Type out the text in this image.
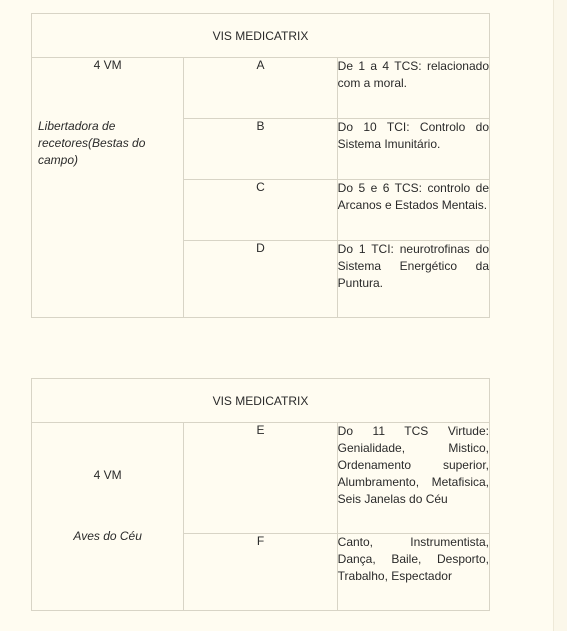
VIS MEDICATRIX		

4 VM
Libertadora de recetores(Bestas do campo)	A	De 1 a 4 TCS: relacionado com a moral.
	B	Do 10 TCI: Controlo do Sistema Imunitário.
	C	Do 5 e 6 TCS: controlo de Arcanos e Estados Mentais.
	D	Do 1 TCI: neurotrofinas do Sistema Energético da Puntura.
VIS MEDICATRIX		

4 VM
Aves do Céu	E	Do 11 TCS Virtude: Genialidade, Mistico, Ordenamento superior, Alumbramento, Metafisica, Seis Janelas do Céu
	F	Canto, Instrumentista, Dança, Baile, Desporto, Trabalho, Espectador
